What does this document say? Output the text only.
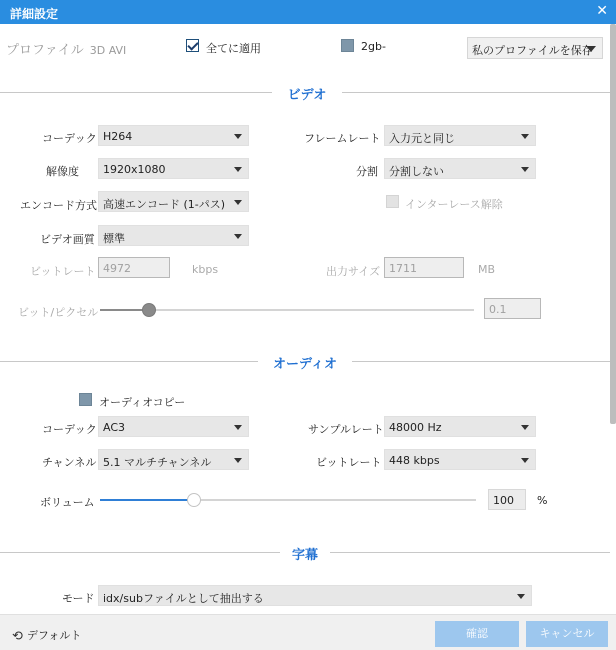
詳細設定	✕
プロファイル 3D AVI	全てに適用	2gb-	私のプロファイルを保存
ビデオ
コーデック H264	フレームレート 入力元と同じ
解像度 1920x1080	分割 分割しない
エンコード方式 高速エンコード (1-パス)	インターレース解除
ビデオ画質 標準
ビットレート 4972	kbps	出力サイズ 1711	MB
ビット/ピクセル	0.1
オーディオ
オーディオコピー
コーデック AC3	サンプルレート 48000 Hz
チャンネル 5.1 マルチチャンネル	ビットレート 448 kbps
ボリューム	100 %
字幕
モード idx/subファイルとして抽出する
⟲ デフォルト	確認	キャンセル
